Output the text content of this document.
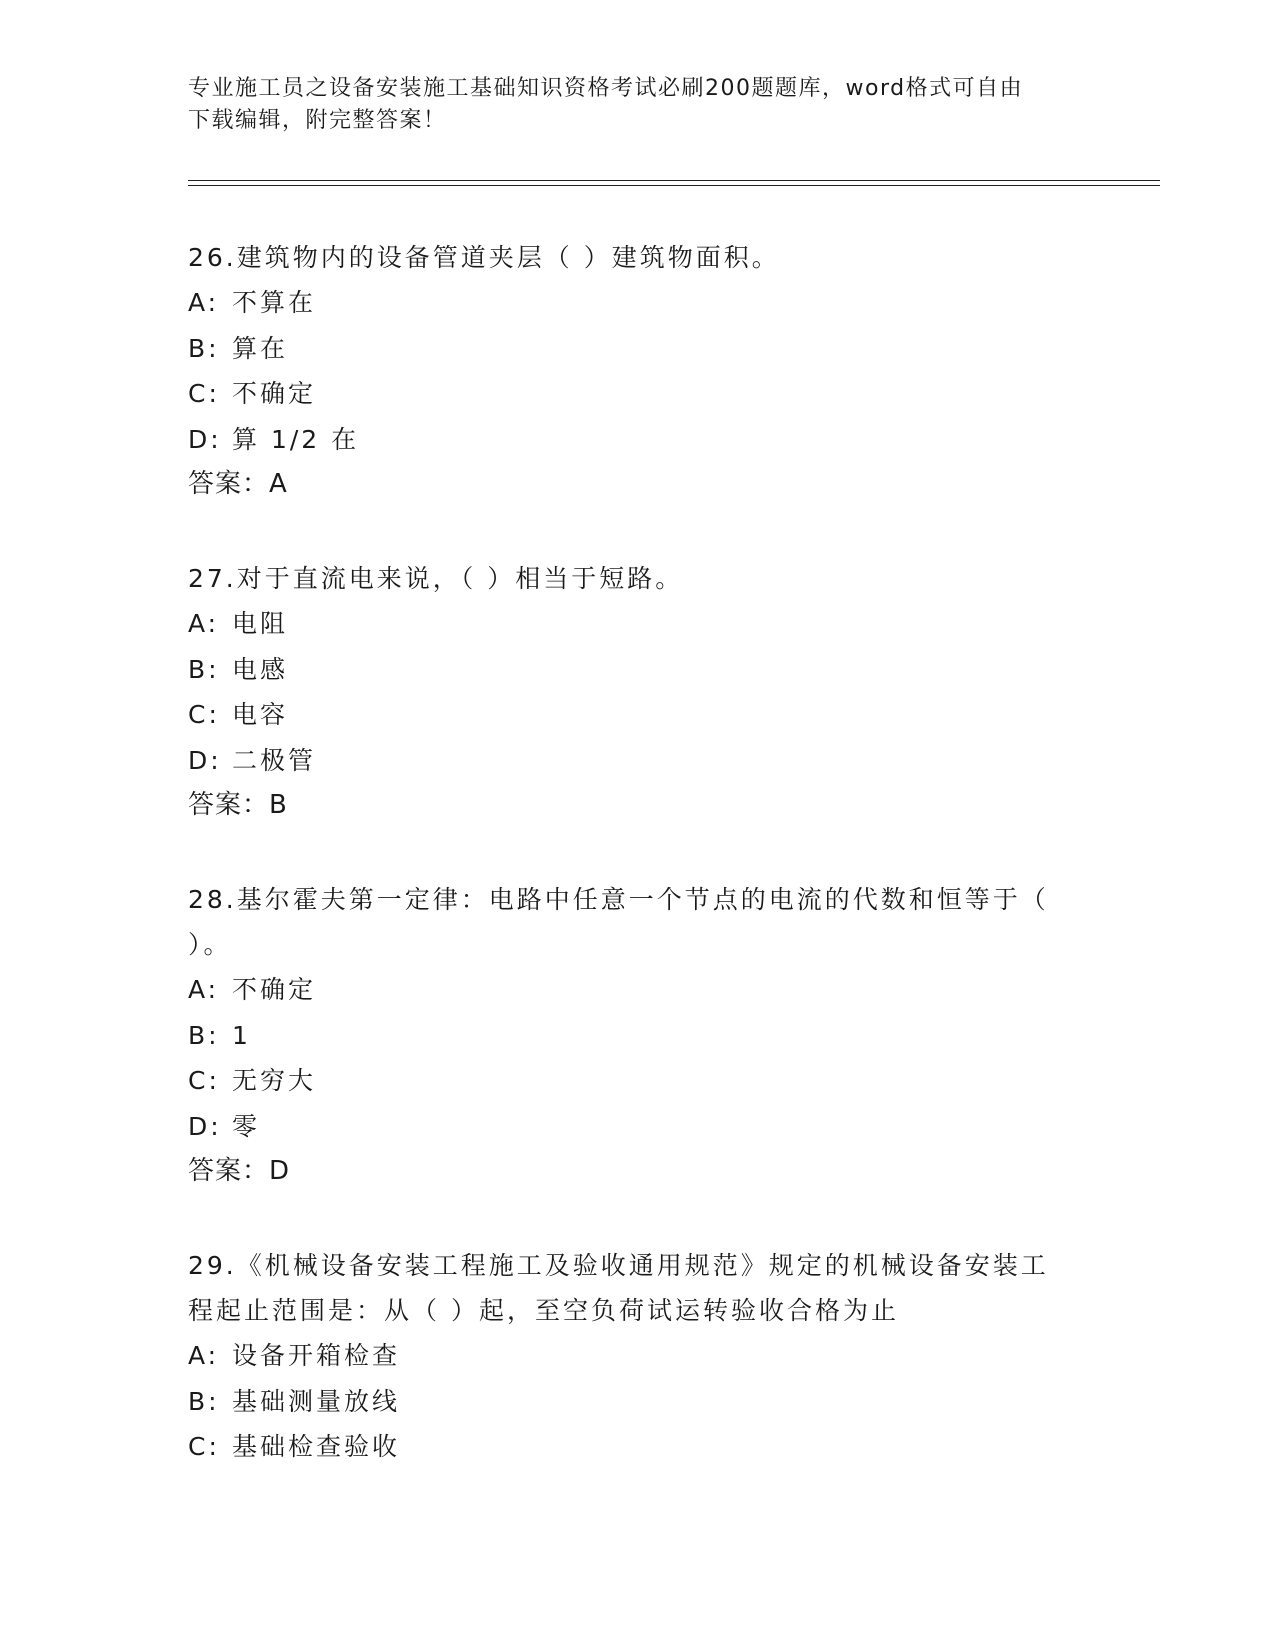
专业施工员之设备安装施工基础知识资格考试必刷200题题库，word格式可自由
下载编辑，附完整答案！
26.建筑物内的设备管道夹层（ ）建筑物面积。
A: 不算在
B: 算在
C: 不确定
D: 算 1/2 在
答案：A
27.对于直流电来说，（ ）相当于短路。
A: 电阻
B: 电感
C: 电容
D: 二极管
答案：B
28.基尔霍夫第一定律：电路中任意一个节点的电流的代数和恒等于（
）。
A: 不确定
B: 1
C: 无穷大
D: 零
答案：D
29.《机械设备安装工程施工及验收通用规范》规定的机械设备安装工
程起止范围是：从（ ）起，至空负荷试运转验收合格为止
A: 设备开箱检查
B: 基础测量放线
C: 基础检查验收
